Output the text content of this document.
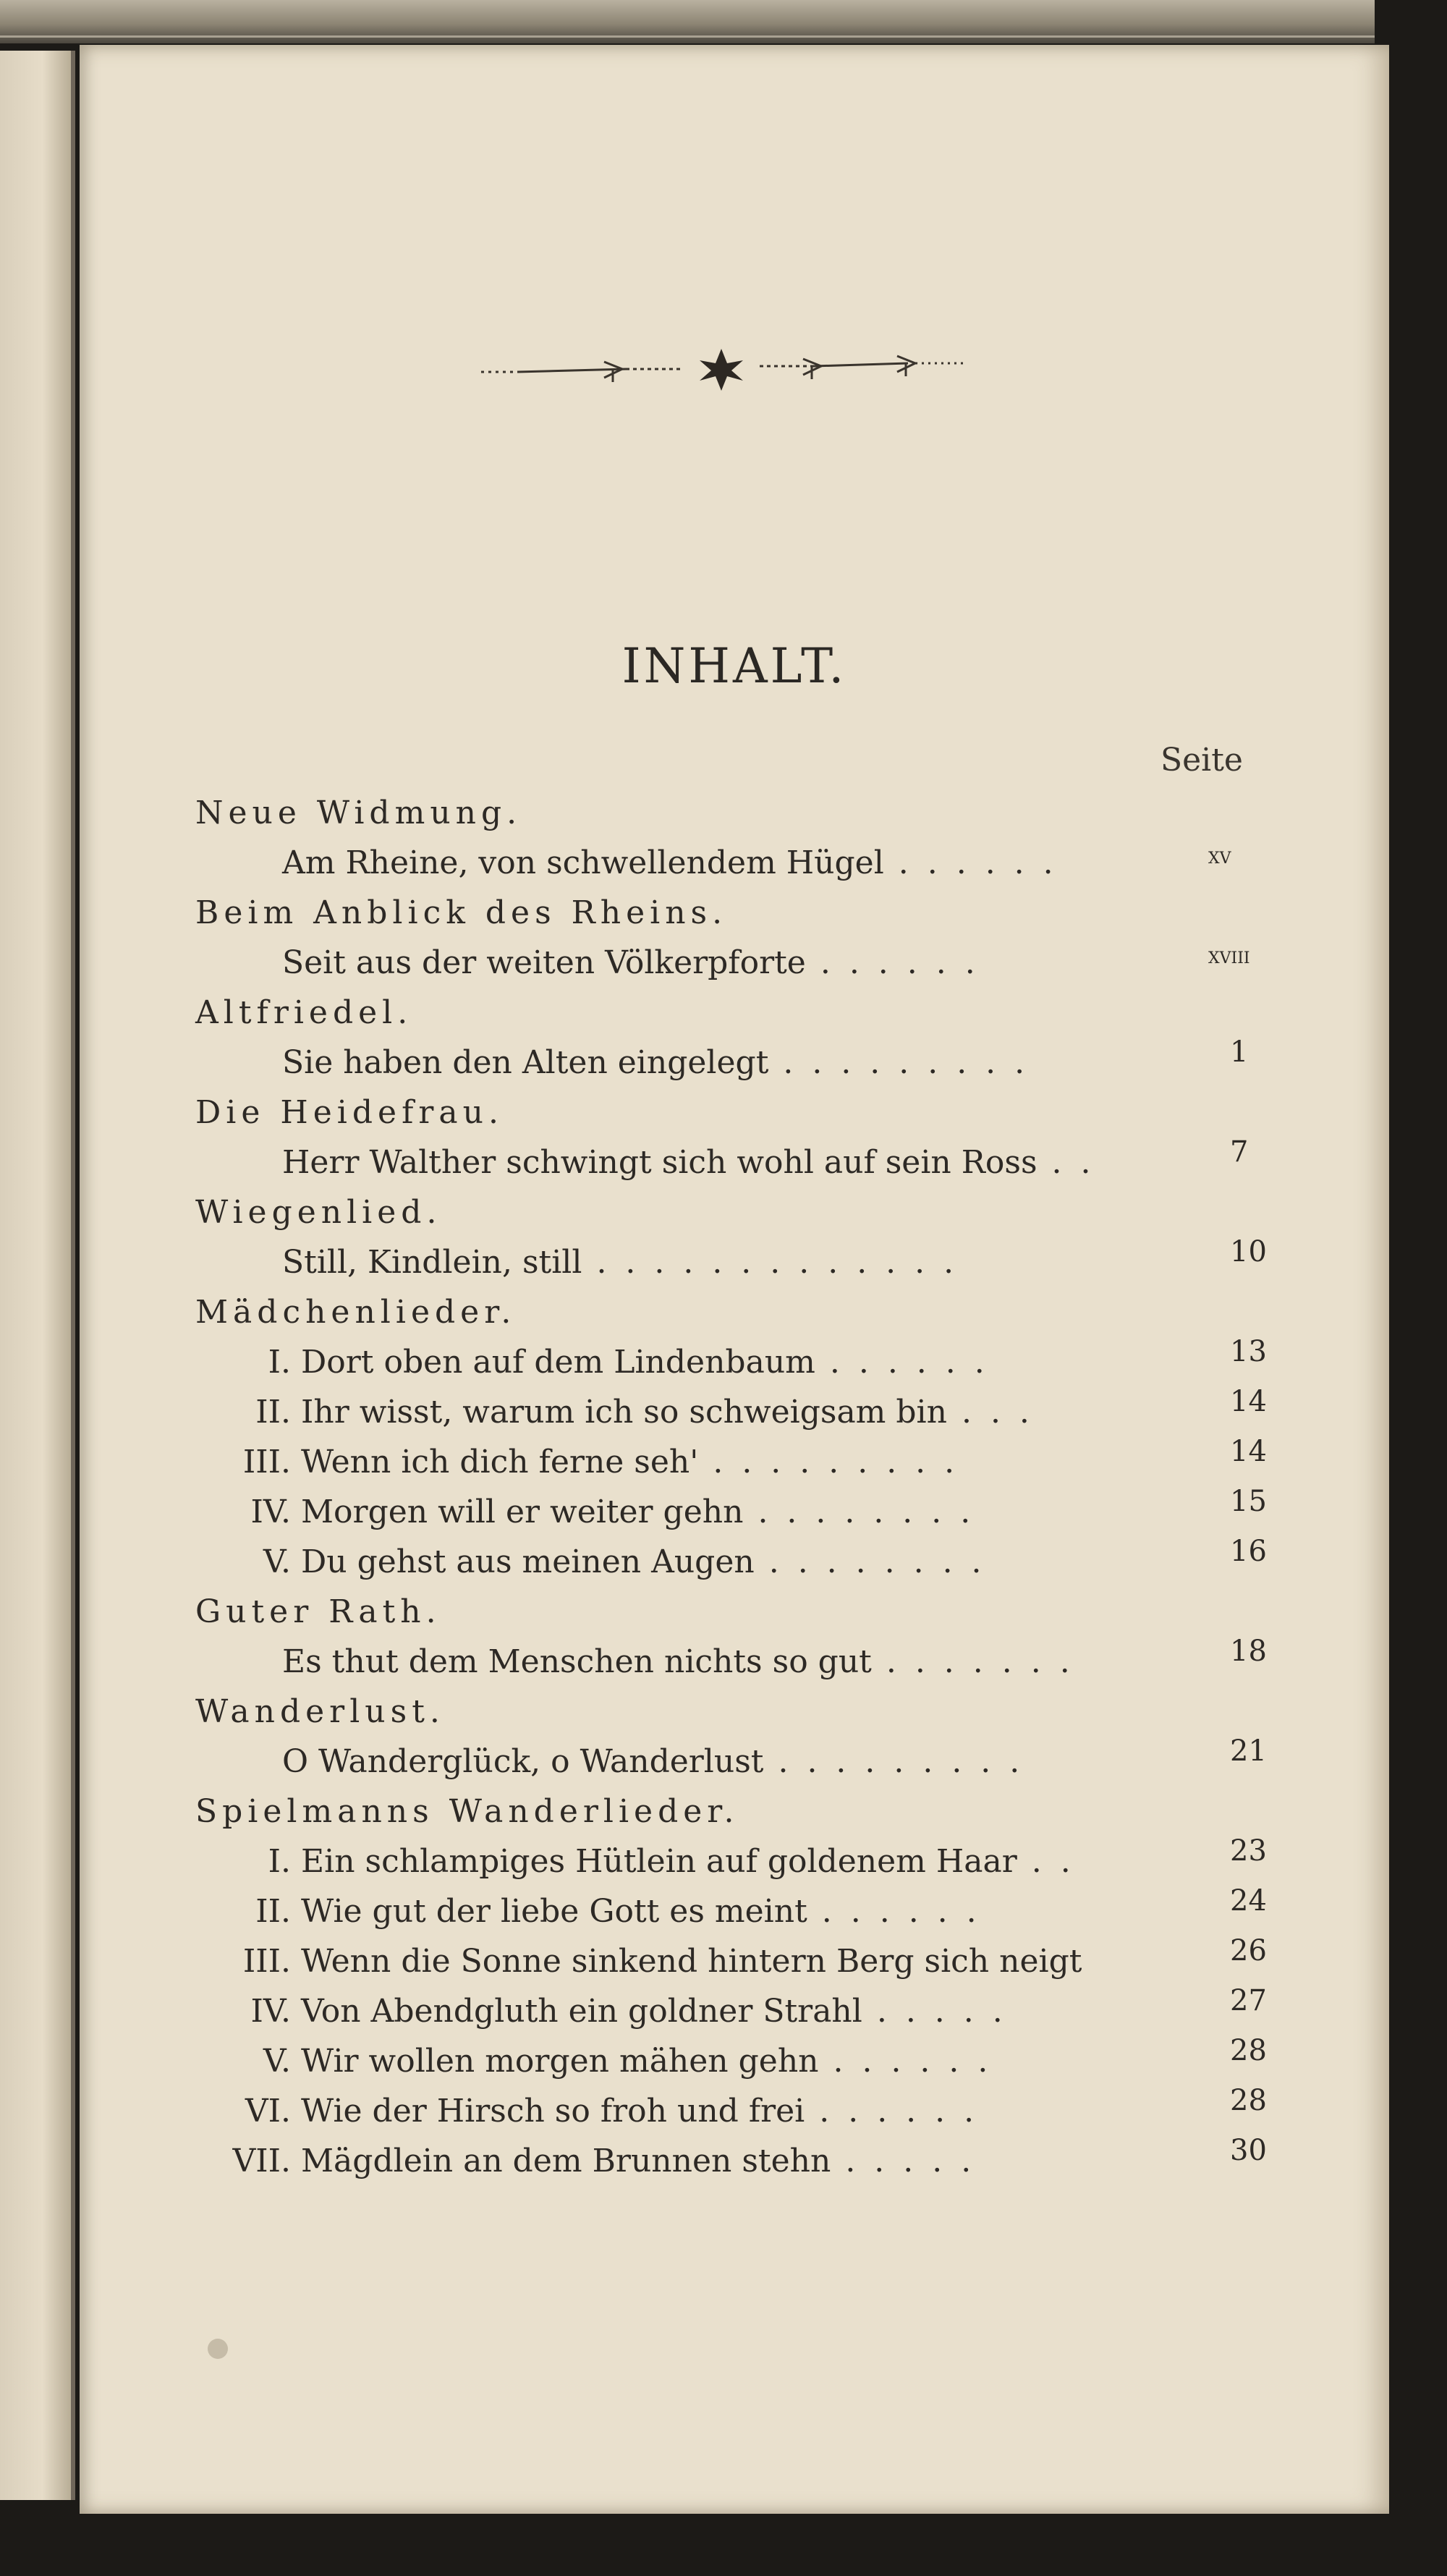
INHALT.
Seite
Neue Widmung.
Am Rheine, von schwellendem Hügel . . . . . .	xv
Beim Anblick des Rheins.
Seit aus der weiten Völkerpforte . . . . . .	xviii
Altfriedel.
Sie haben den Alten eingelegt . . . . . . . . .	1
Die Heidefrau.
Herr Walther schwingt sich wohl auf sein Ross . .	7
Wiegenlied.
Still, Kindlein, still . . . . . . . . . . . . .	10
Mädchenlieder.
I. Dort oben auf dem Lindenbaum . . . . . .	13
II. Ihr wisst, warum ich so schweigsam bin . . .	14
III. Wenn ich dich ferne seh' . . . . . . . . .	14
IV. Morgen will er weiter gehn . . . . . . . .	15
V. Du gehst aus meinen Augen . . . . . . . .	16
Guter Rath.
Es thut dem Menschen nichts so gut . . . . . . .	18
Wanderlust.
O Wanderglück, o Wanderlust . . . . . . . . .	21
Spielmanns Wanderlieder.
I. Ein schlampiges Hütlein auf goldenem Haar . .	23
II. Wie gut der liebe Gott es meint . . . . . .	24
III. Wenn die Sonne sinkend hintern Berg sich neigt	26
IV. Von Abendgluth ein goldner Strahl . . . . .	27
V. Wir wollen morgen mähen gehn . . . . . .	28
VI. Wie der Hirsch so froh und frei . . . . . .	28
VII. Mägdlein an dem Brunnen stehn . . . . .	30
